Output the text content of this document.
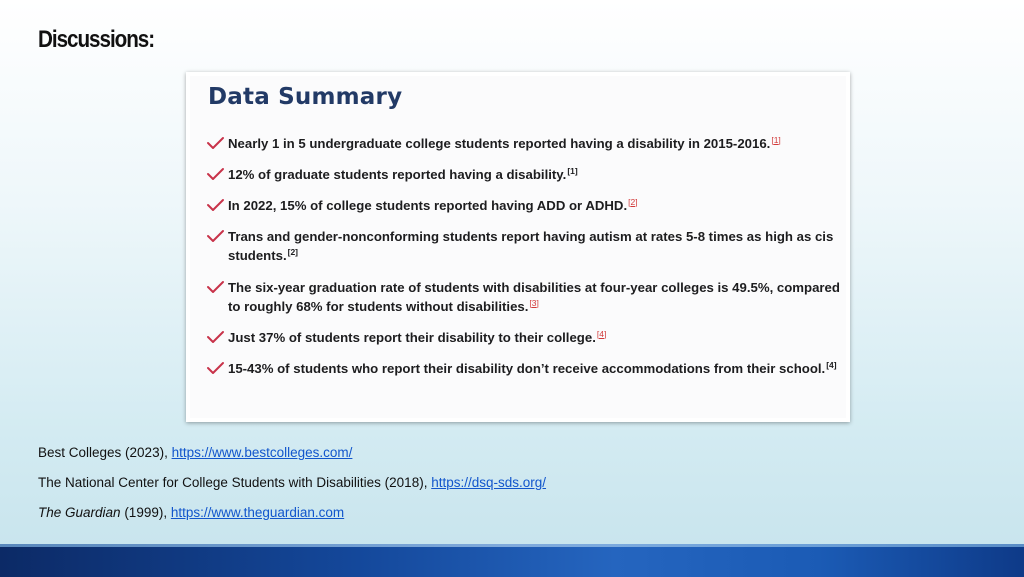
Discussions:
Data Summary
Nearly 1 in 5 undergraduate college students reported having a disability in 2015-2016.[1]
12% of graduate students reported having a disability.[1]
In 2022, 15% of college students reported having ADD or ADHD.[2]
Trans and gender-nonconforming students report having autism at rates 5-8 times as high as cis students.[2]
The six-year graduation rate of students with disabilities at four-year colleges is 49.5%, compared to roughly 68% for students without disabilities.[3]
Just 37% of students report their disability to their college.[4]
15-43% of students who report their disability don’t receive accommodations from their school.[4]
Best Colleges (2023), https://www.bestcolleges.com/
The National Center for College Students with Disabilities (2018), https://dsq-sds.org/
The Guardian (1999), https://www.theguardian.com
